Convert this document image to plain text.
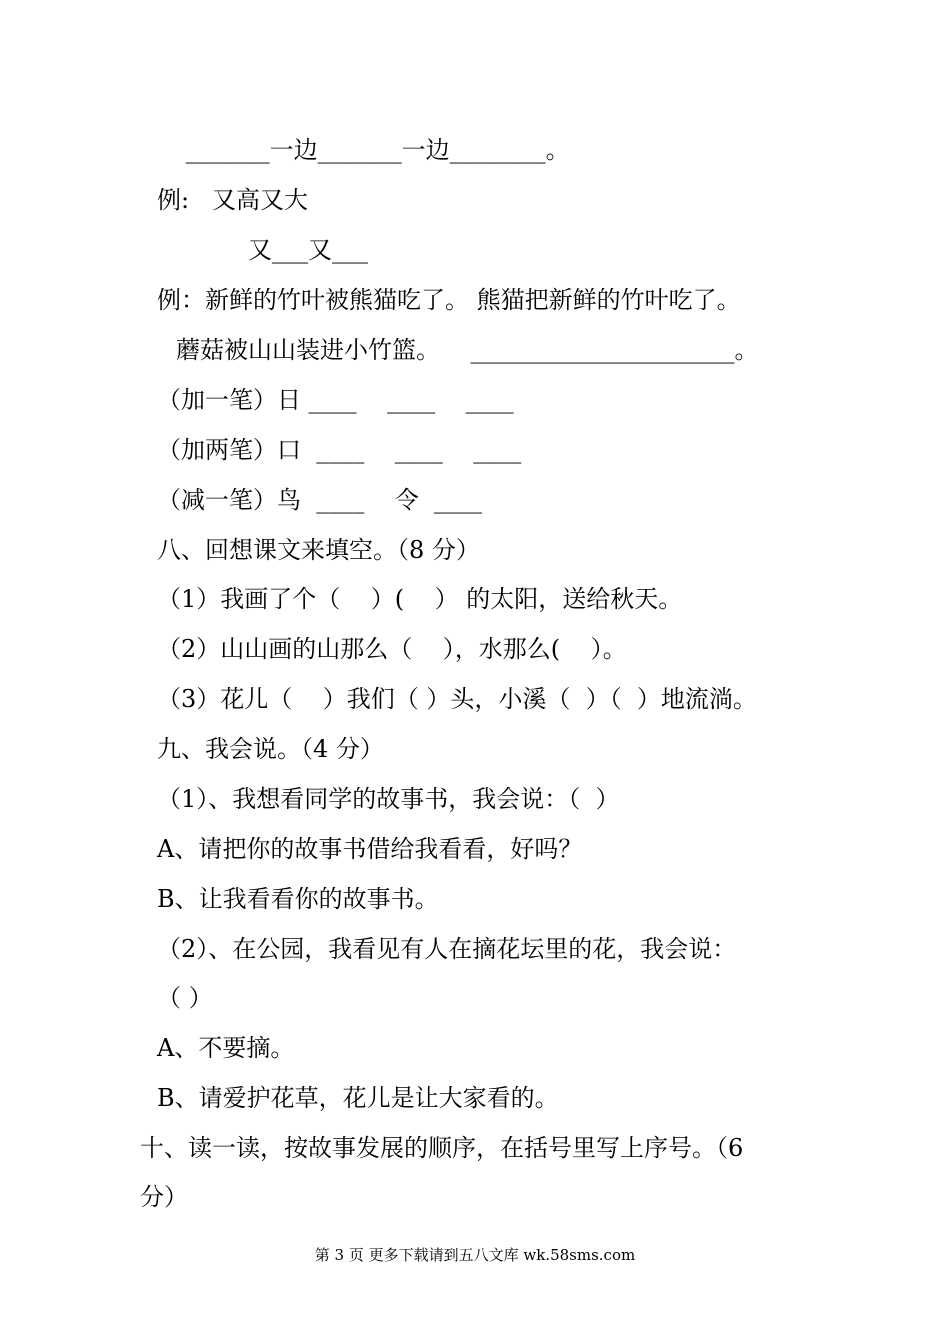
_______一边_______一边________。
例:   又高又大
又___又___
例：新鲜的竹叶被熊猫吃了。 熊猫把新鲜的竹叶吃了。
蘑菇被山山装进小竹篮。    ______________________。
（加一笔）日 ____    ____    ____
（加两笔）口  ____    ____    ____
（减一笔）鸟  ____    令  ____
八、回想课文来填空。（8 分）
（1）我画了个（    ）(    ） 的太阳，送给秋天。
（2）山山画的山那么（    ），水那么(    ）。
（3）花儿（    ）我们（ ）头，小溪（  ）（  ）地流淌。
九、我会说。（4 分）
（1）、我想看同学的故事书，我会说：（  ）
A、请把你的故事书借给我看看，好吗？
B、让我看看你的故事书。
（2）、在公园，我看见有人在摘花坛里的花，我会说：
（ ）
A、不要摘。
B、请爱护花草，花儿是让大家看的。
十、读一读，按故事发展的顺序，在括号里写上序号。（6
分）
第 3 页 更多下载请到五八文库 wk.58sms.com
